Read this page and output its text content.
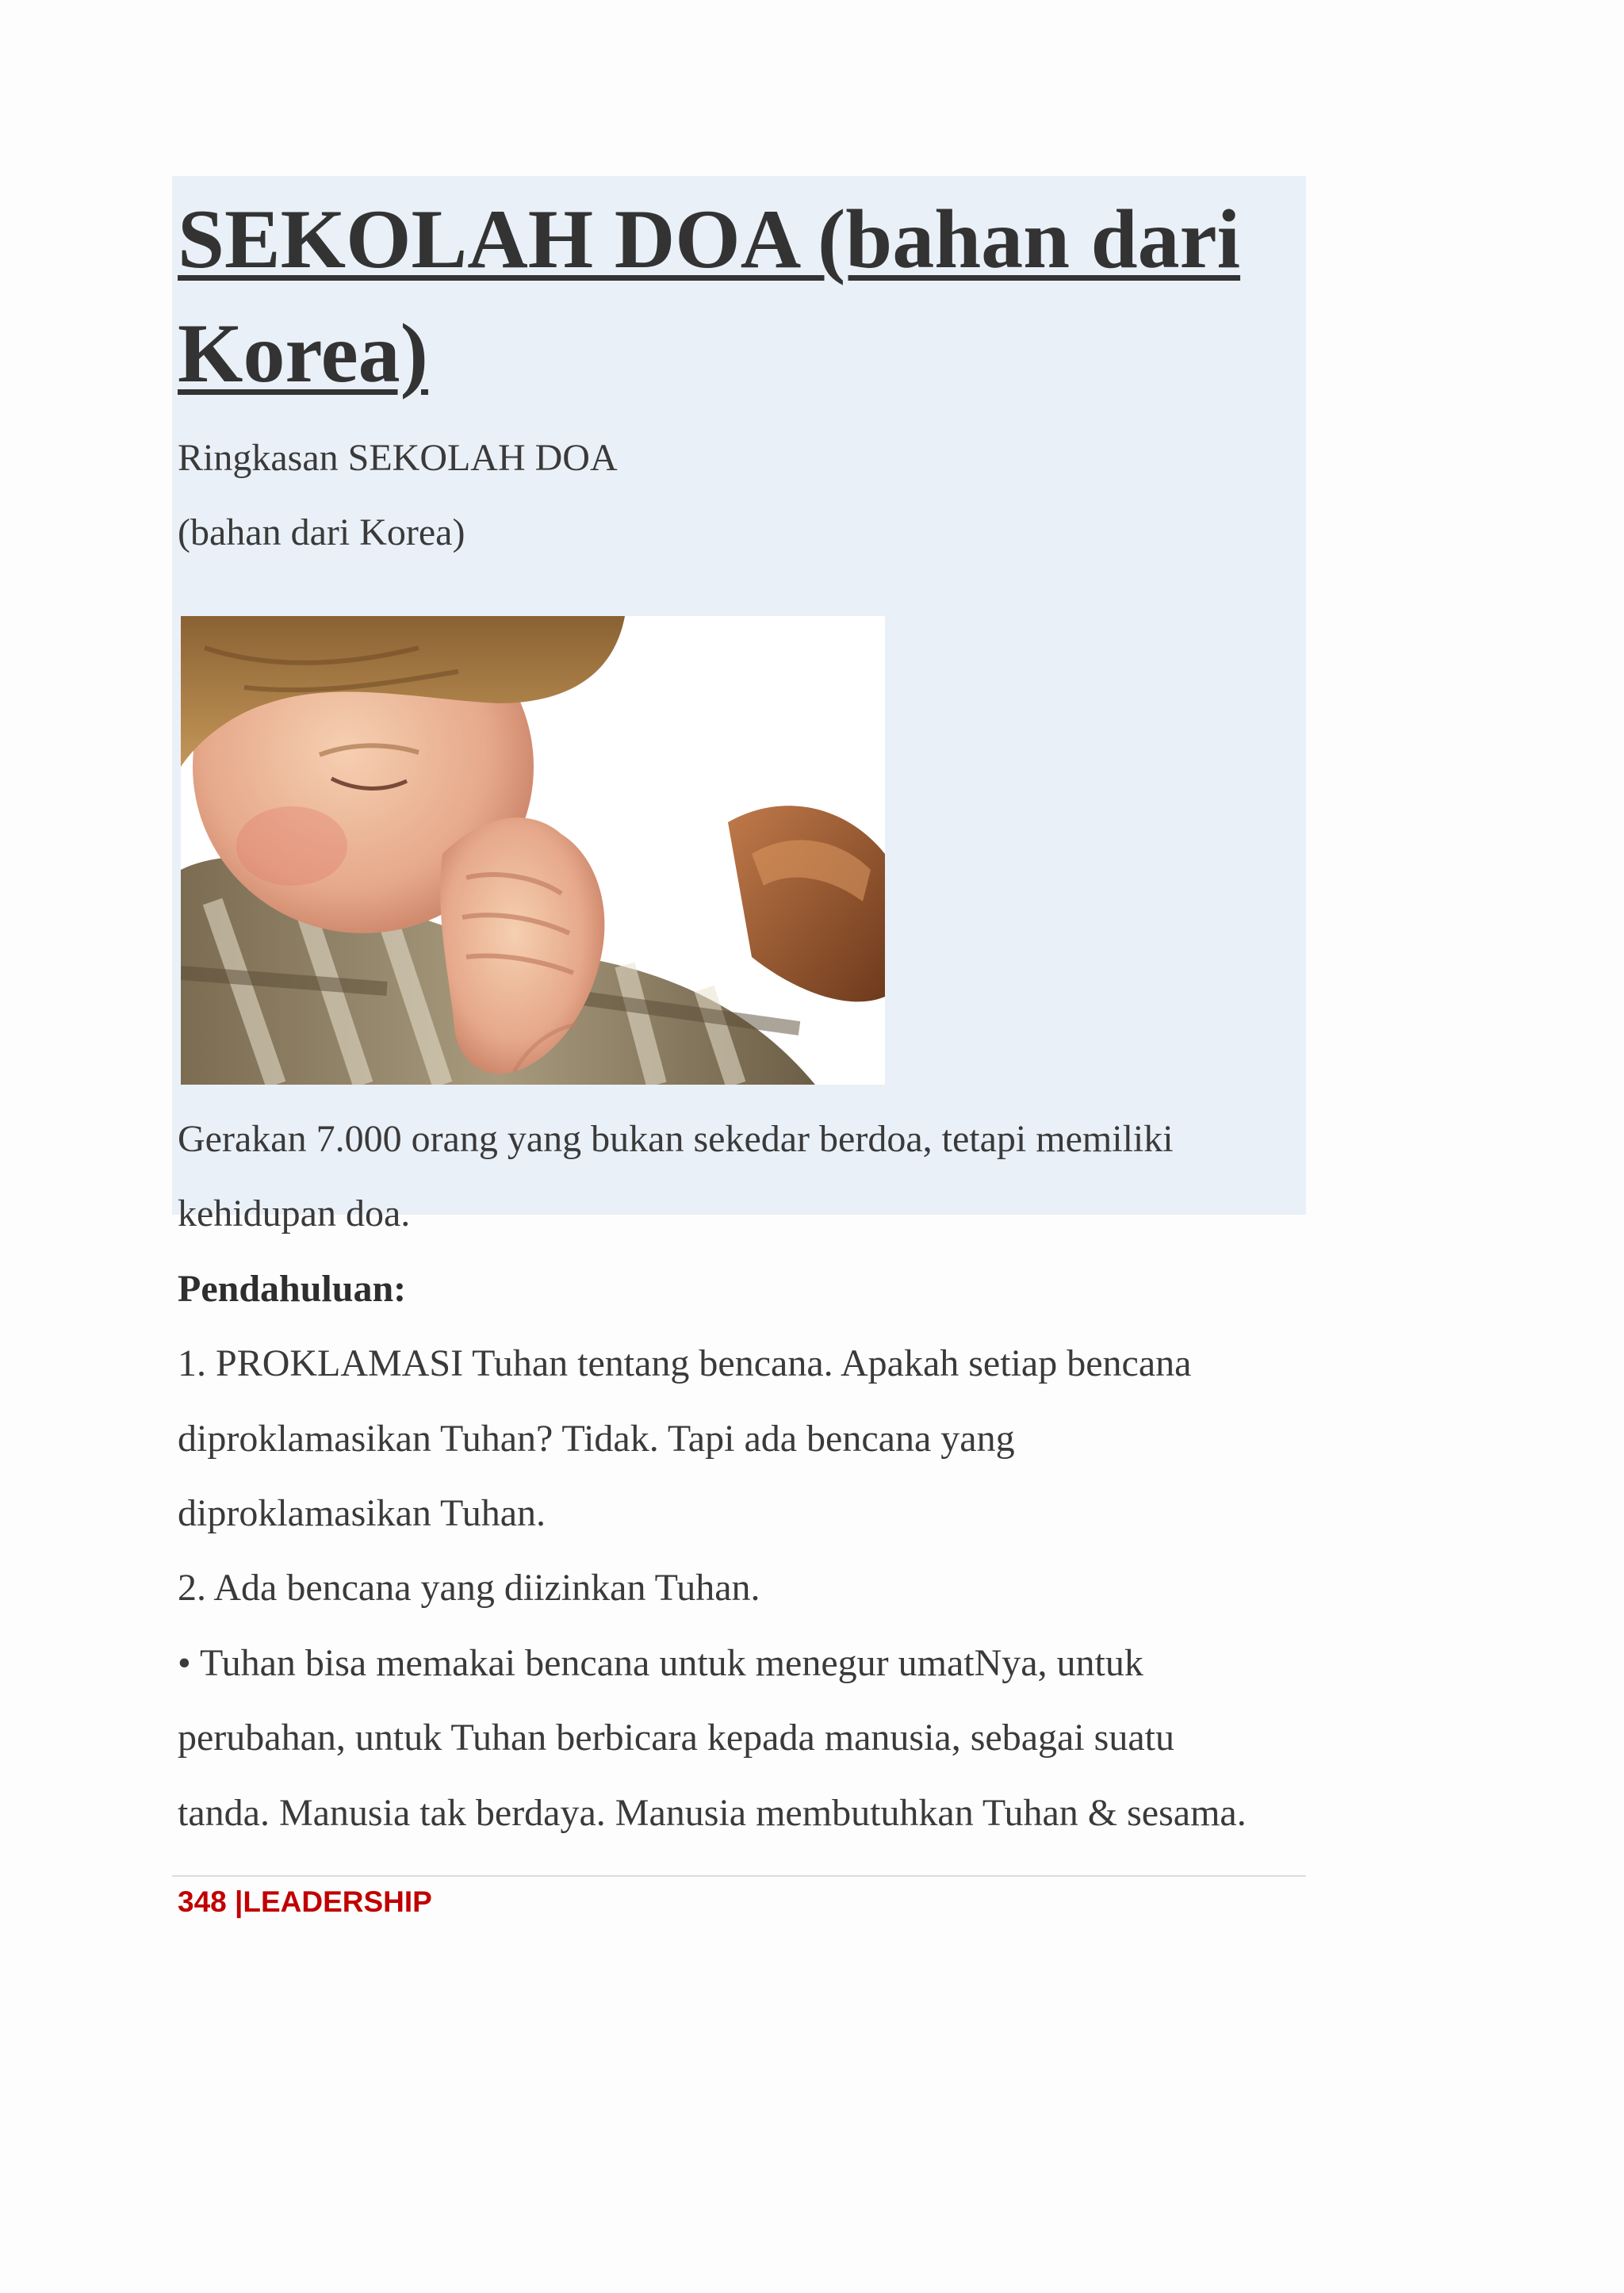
SEKOLAH DOA (bahan dari Korea)

Ringkasan SEKOLAH DOA

(bahan dari Korea)

Gerakan 7.000 orang yang bukan sekedar berdoa, tetapi memiliki

kehidupan doa.

Pendahuluan:

1. PROKLAMASI Tuhan tentang bencana. Apakah setiap bencana

diproklamasikan Tuhan? Tidak. Tapi ada bencana yang

diproklamasikan Tuhan.

2. Ada bencana yang diizinkan Tuhan.

• Tuhan bisa memakai bencana untuk menegur umatNya, untuk

perubahan, untuk Tuhan berbicara kepada manusia, sebagai suatu

tanda. Manusia tak berdaya. Manusia membutuhkan Tuhan & sesama.

348 |LEADERSHIP
